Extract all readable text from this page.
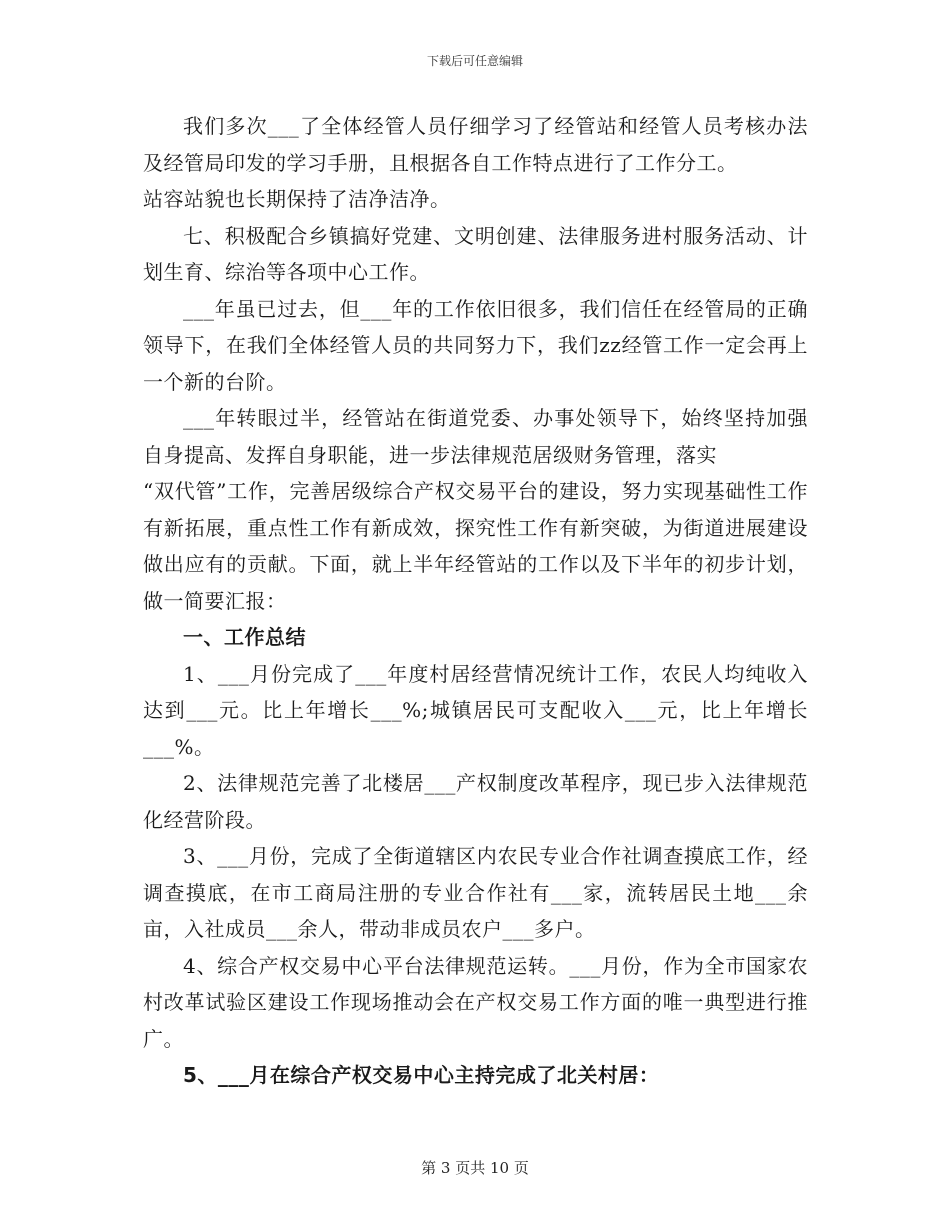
下载后可任意编辑

我们多次___了全体经管人员仔细学习了经管站和经管人员考核办法及经管局印发的学习手册，且根据各自工作特点进行了工作分工。

站容站貌也长期保持了洁净洁净。

七、积极配合乡镇搞好党建、文明创建、法律服务进村服务活动、计划生育、综治等各项中心工作。

___年虽已过去，但___年的工作依旧很多，我们信任在经管局的正确领导下，在我们全体经管人员的共同努力下，我们zz经管工作一定会再上一个新的台阶。

___年转眼过半，经管站在街道党委、办事处领导下，始终坚持加强自身提高、发挥自身职能，进一步法律规范居级财务管理，落实

“双代管”工作，完善居级综合产权交易平台的建设，努力实现基础性工作有新拓展，重点性工作有新成效，探究性工作有新突破，为街道进展建设做出应有的贡献。下面，就上半年经管站的工作以及下半年的初步计划，做一简要汇报：

一、工作总结

1、___月份完成了___年度村居经营情况统计工作，农民人均纯收入达到___元。比上年增长___%;城镇居民可支配收入___元，比上年增长___%。

2、法律规范完善了北楼居___产权制度改革程序，现已步入法律规范化经营阶段。

3、___月份，完成了全街道辖区内农民专业合作社调查摸底工作，经调查摸底，在市工商局注册的专业合作社有___家，流转居民土地___余亩，入社成员___余人，带动非成员农户___多户。

4、综合产权交易中心平台法律规范运转。___月份，作为全市国家农村改革试验区建设工作现场推动会在产权交易工作方面的唯一典型进行推广。

5、___月在综合产权交易中心主持完成了北关村居：

第 3 页共 10 页
